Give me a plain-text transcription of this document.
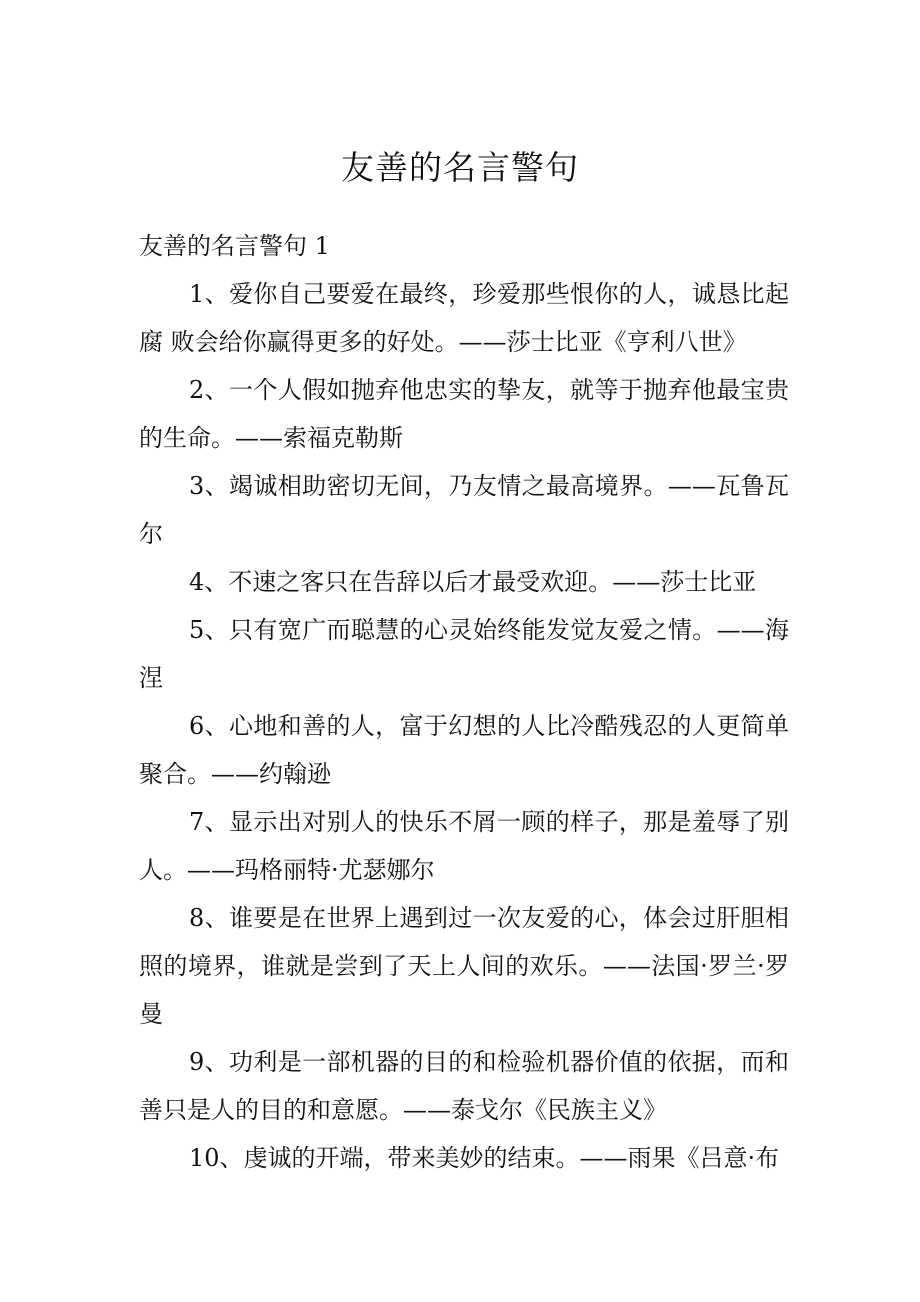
友善的名言警句

友善的名言警句 1

1、爱你自己要爱在最终，珍爱那些恨你的人，诚恳比起腐 败会给你赢得更多的好处。——莎士比亚《亨利八世》

2、一个人假如抛弃他忠实的挚友，就等于抛弃他最宝贵的生命。——索福克勒斯

3、竭诚相助密切无间，乃友情之最高境界。——瓦鲁瓦尔

4、不速之客只在告辞以后才最受欢迎。——莎士比亚

5、只有宽广而聪慧的心灵始终能发觉友爱之情。——海涅

6、心地和善的人，富于幻想的人比冷酷残忍的人更简单聚合。——约翰逊

7、显示出对别人的快乐不屑一顾的样子，那是羞辱了别人。——玛格丽特·尤瑟娜尔

8、谁要是在世界上遇到过一次友爱的心，体会过肝胆相照的境界，谁就是尝到了天上人间的欢乐。——法国·罗兰·罗曼

9、功利是一部机器的目的和检验机器价值的依据，而和善只是人的目的和意愿。——泰戈尔《民族主义》

10、虔诚的开端，带来美妙的结束。——雨果《吕意·布
